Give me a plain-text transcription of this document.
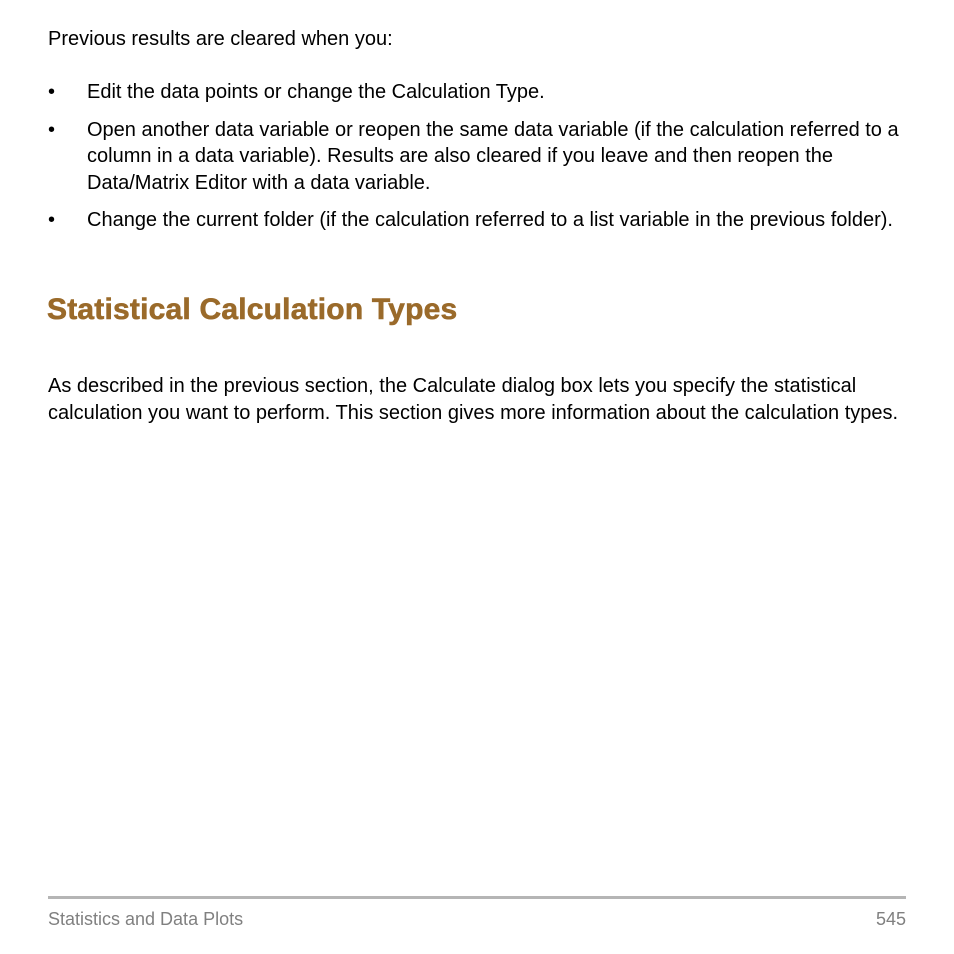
Previous results are cleared when you:

• Edit the data points or change the Calculation Type.
• Open another data variable or reopen the same data variable (if the calculation referred to a column in a data variable). Results are also cleared if you leave and then reopen the Data/Matrix Editor with a data variable.
• Change the current folder (if the calculation referred to a list variable in the previous folder).
Statistical Calculation Types

As described in the previous section, the Calculate dialog box lets you specify the statistical calculation you want to perform. This section gives more information about the calculation types.

Statistics and Data Plots	545
